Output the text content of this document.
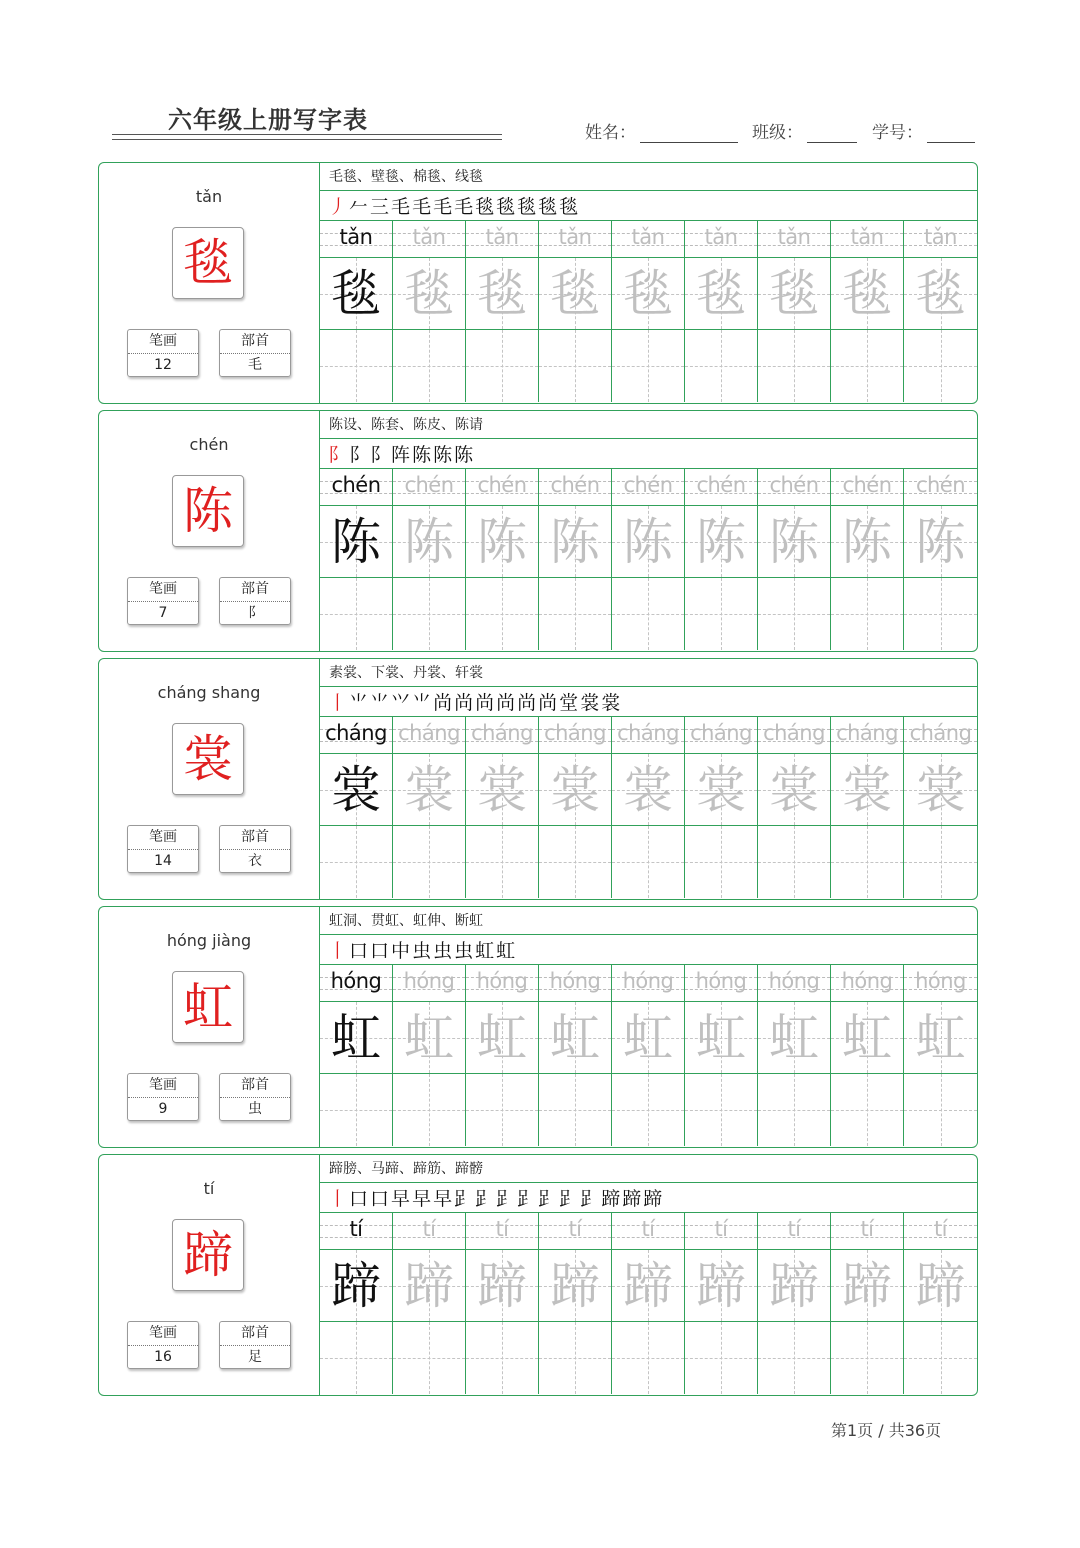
六年级上册写字表	姓名：	班级：	学号：
tǎn
毯
笔画
12
部首
毛
毛毯、壁毯、棉毯、线毯
丿 𠂉 三 毛 毛 毛 毛 毯 毯 毯 毯 毯
tǎn
毯
tǎn
毯
tǎn
毯
tǎn
毯
tǎn
毯
tǎn
毯
tǎn
毯
tǎn
毯
tǎn
毯
chén
陈
笔画
7
部首
阝
陈设、陈套、陈皮、陈请
⻖ 阝 阝 阵 陈 陈 陈
chén
陈
chén
陈
chén
陈
chén
陈
chén
陈
chén
陈
chén
陈
chén
陈
chén
陈
cháng shang
裳
笔画
14
部首
衣
素裳、下裳、丹裳、轩裳
丨 ⺌ ⺌ ⺍ ⺌ 尚 尚 尚 尚 尚 尚 堂 裳 裳
cháng
裳
cháng
裳
cháng
裳
cháng
裳
cháng
裳
cháng
裳
cháng
裳
cháng
裳
cháng
裳
hóng jiàng
虹
笔画
9
部首
虫
虹洞、贯虹、虹伸、断虹
丨 口 口 中 虫 虫 虫 虹 虹
hóng
虹
hóng
虹
hóng
虹
hóng
虹
hóng
虹
hóng
虹
hóng
虹
hóng
虹
hóng
虹
tí
蹄
笔画
16
部首
足
蹄膀、马蹄、蹄筋、蹄髈
丨 口 口 早 早 早 𧾷 𧾷 𧾷 𧾷 𧾷 𧾷 𧾷 蹄 蹄 蹄
tí
蹄
tí
蹄
tí
蹄
tí
蹄
tí
蹄
tí
蹄
tí
蹄
tí
蹄
tí
蹄
第1页 / 共36页
